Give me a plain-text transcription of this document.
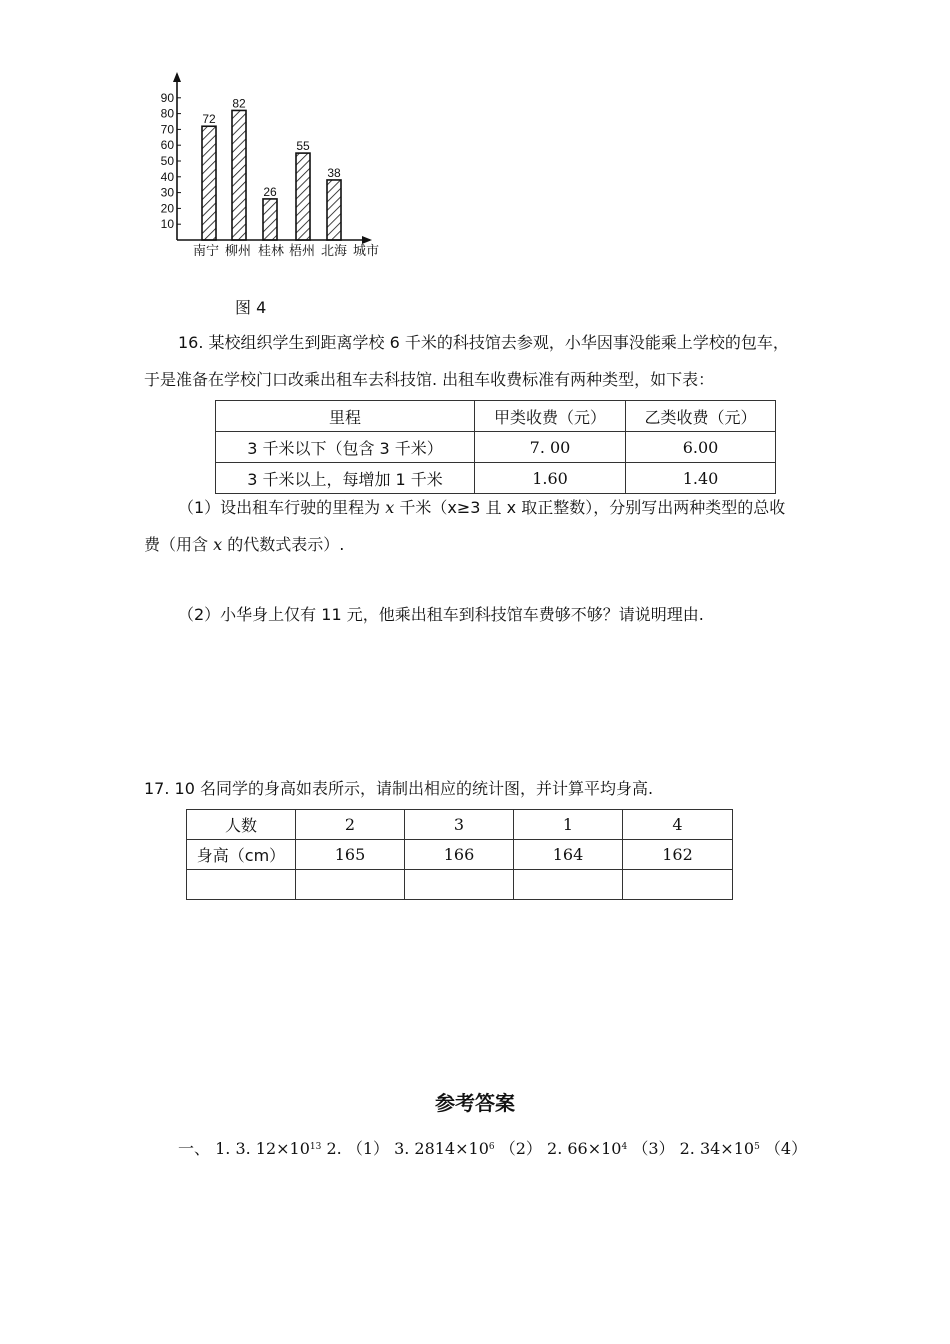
10
20
30
40
50
60
70
80
90
72
82
26
55
38
南宁 柳州 桂林 梧州 北海 城市
图 4
16. 某校组织学生到距离学校 6 千米的科技馆去参观，小华因事没能乘上学校的包车，
于是准备在学校门口改乘出租车去科技馆. 出租车收费标准有两种类型，如下表：
里程	甲类收费（元）	乙类收费（元）
3 千米以下（包含 3 千米）	7. 00	6.00
3 千米以上，每增加 1 千米	1.60	1.40
（1）设出租车行驶的里程为 x 千米（x≥3 且 x 取正整数），分别写出两种类型的总收
费（用含 x 的代数式表示）.
（2）小华身上仅有 11 元，他乘出租车到科技馆车费够不够？请说明理由.
17. 10 名同学的身高如表所示，请制出相应的统计图，并计算平均身高.
人数	2	3	1	4
身高（cm）	165	166	164	162

参考答案
一、 1. 3. $12\times 10^{13}$ 2. （1） 3. $2814\times 10^6$ （2） 2. $66\times 10^4$ （3） 2. $34\times 10^5$ （4）
